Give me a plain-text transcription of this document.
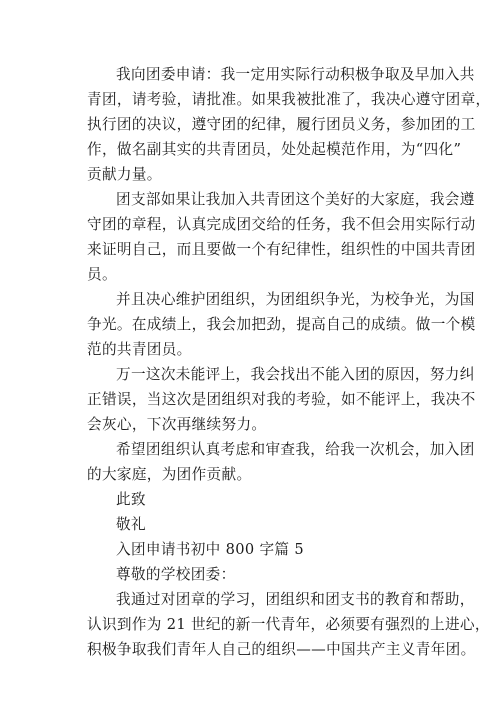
我向团委申请：我一定用实际行动积极争取及早加入共
青团，请考验，请批准。如果我被批准了，我决心遵守团章，
执行团的决议，遵守团的纪律，履行团员义务，参加团的工
作，做名副其实的共青团员，处处起模范作用，为“四化”
贡献力量。
团支部如果让我加入共青团这个美好的大家庭，我会遵
守团的章程，认真完成团交给的任务，我不但会用实际行动
来证明自己，而且要做一个有纪律性，组织性的中国共青团
员。
并且决心维护团组织，为团组织争光，为校争光，为国
争光。在成绩上，我会加把劲，提高自己的成绩。做一个模
范的共青团员。
万一这次未能评上，我会找出不能入团的原因，努力纠
正错误，当这次是团组织对我的考验，如不能评上，我决不
会灰心，下次再继续努力。
希望团组织认真考虑和审查我，给我一次机会，加入团
的大家庭，为团作贡献。
此致
敬礼
入团申请书初中 800 字篇 5
尊敬的学校团委：
我通过对团章的学习，团组织和团支书的教育和帮助，
认识到作为 21 世纪的新一代青年，必须要有强烈的上进心，
积极争取我们青年人自己的组织——中国共产主义青年团。
